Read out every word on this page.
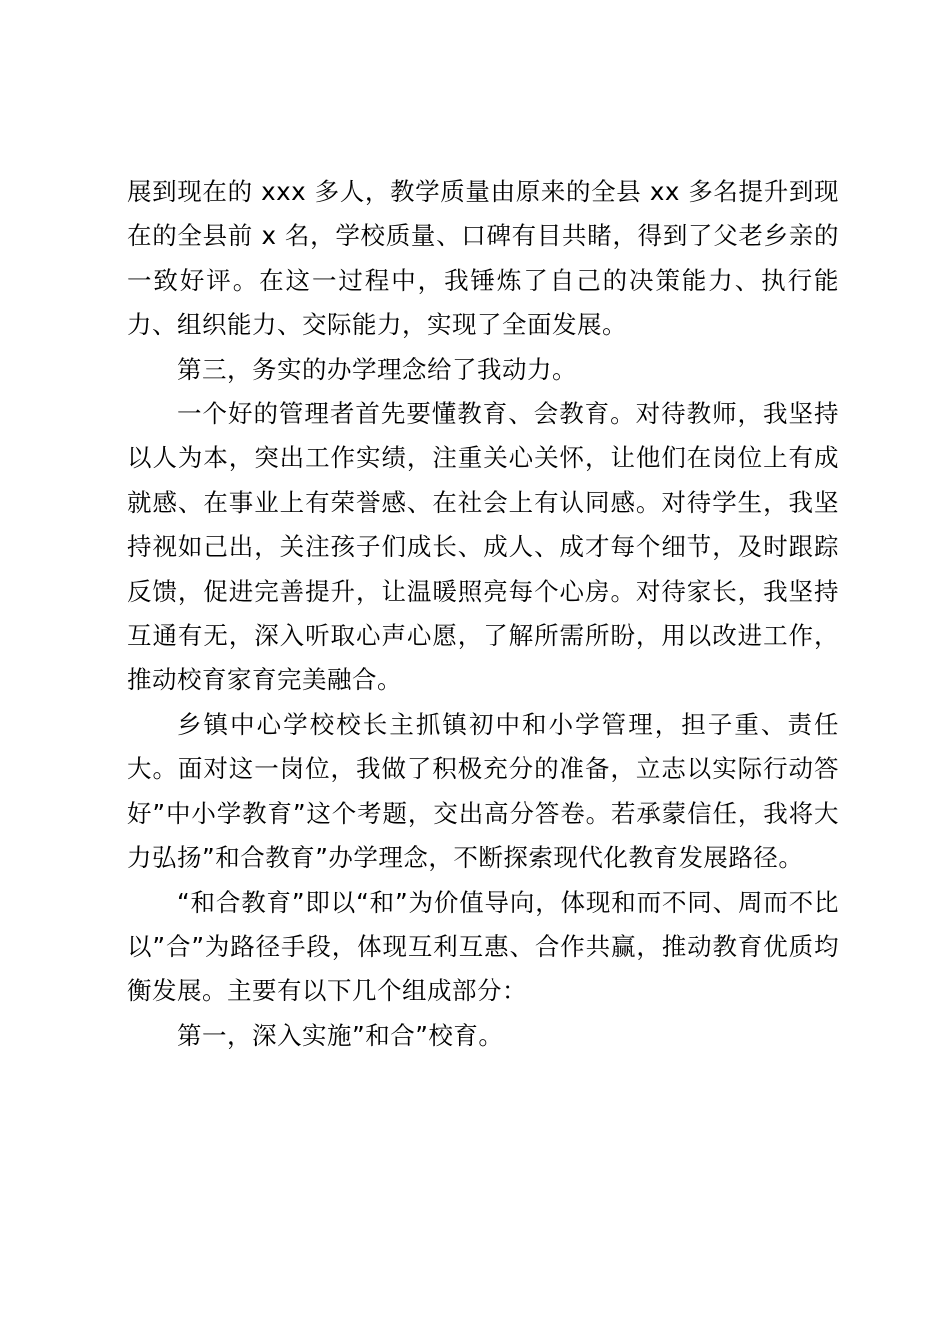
展到现在的 xxx 多人，教学质量由原来的全县 xx 多名提升到现在的全县前 x 名，学校质量、口碑有目共睹，得到了父老乡亲的一致好评。在这一过程中，我锤炼了自己的决策能力、执行能力、组织能力、交际能力，实现了全面发展。

第三，务实的办学理念给了我动力。

一个好的管理者首先要懂教育、会教育。对待教师，我坚持以人为本，突出工作实绩，注重关心关怀，让他们在岗位上有成就感、在事业上有荣誉感、在社会上有认同感。对待学生，我坚持视如己出，关注孩子们成长、成人、成才每个细节，及时跟踪反馈，促进完善提升，让温暖照亮每个心房。对待家长，我坚持互通有无，深入听取心声心愿，了解所需所盼，用以改进工作，推动校育家育完美融合。

乡镇中心学校校长主抓镇初中和小学管理，担子重、责任大。面对这一岗位，我做了积极充分的准备，立志以实际行动答好”中小学教育”这个考题，交出高分答卷。若承蒙信任，我将大力弘扬”和合教育”办学理念，不断探索现代化教育发展路径。

“和合教育”即以“和”为价值导向，体现和而不同、周而不比以”合”为路径手段，体现互利互惠、合作共赢，推动教育优质均衡发展。主要有以下几个组成部分：

第一，深入实施”和合”校育。
